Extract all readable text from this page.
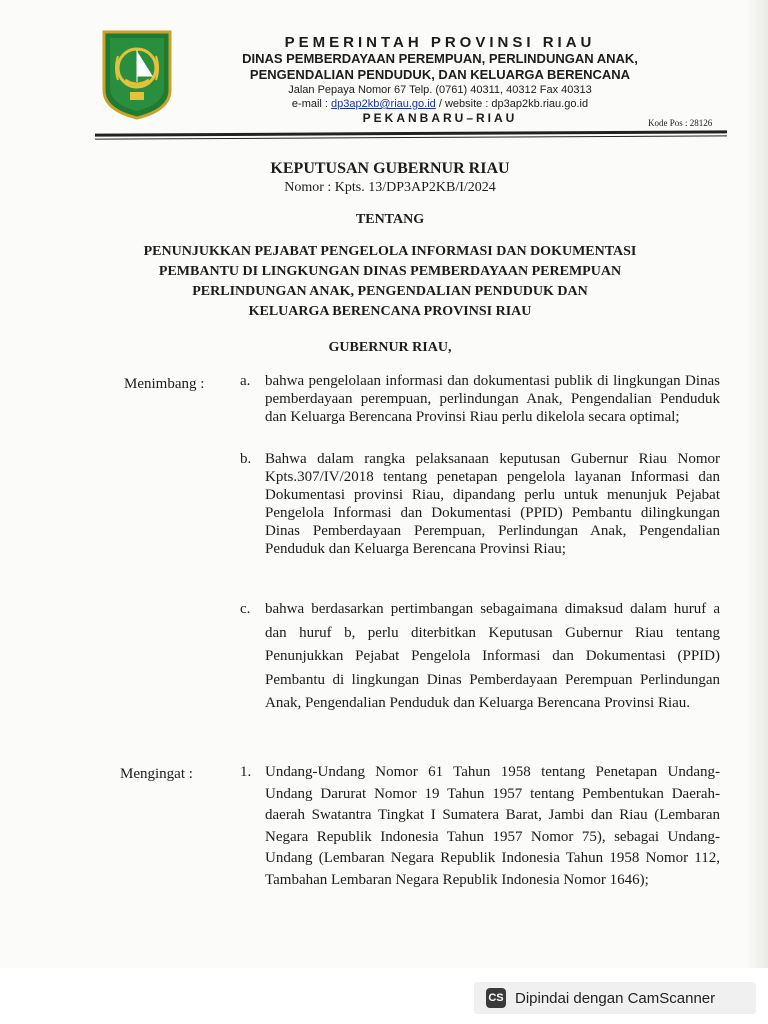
PEMERINTAH PROVINSI RIAU
DINAS PEMBERDAYAAN PEREMPUAN, PERLINDUNGAN ANAK,
PENGENDALIAN PENDUDUK, DAN KELUARGA BERENCANA
Jalan Pepaya Nomor 67 Telp. (0761) 40311, 40312 Fax 40313
e-mail : dp3ap2kb@riau.go.id / website : dp3ap2kb.riau.go.id
PEKANBARU–RIAU	Kode Pos : 28126
KEPUTUSAN GUBERNUR RIAU
Nomor : Kpts. 13/DP3AP2KB/I/2024
TENTANG
PENUNJUKKAN PEJABAT PENGELOLA INFORMASI DAN DOKUMENTASI
PEMBANTU DI LINGKUNGAN DINAS PEMBERDAYAAN PEREMPUAN
PERLINDUNGAN ANAK, PENGENDALIAN PENDUDUK DAN
KELUARGA BERENCANA PROVINSI RIAU
GUBERNUR RIAU,
Menimbang : a. bahwa pengelolaan informasi dan dokumentasi publik di lingkungan Dinas pemberdayaan perempuan, perlindungan Anak, Pengendalian Penduduk dan Keluarga Berencana Provinsi Riau perlu dikelola secara optimal;
b. Bahwa dalam rangka pelaksanaan keputusan Gubernur Riau Nomor Kpts.307/IV/2018 tentang penetapan pengelola layanan Informasi dan Dokumentasi provinsi Riau, dipandang perlu untuk menunjuk Pejabat Pengelola Informasi dan Dokumentasi (PPID) Pembantu dilingkungan Dinas Pemberdayaan Perempuan, Perlindungan Anak, Pengendalian Penduduk dan Keluarga Berencana Provinsi Riau;
c. bahwa berdasarkan pertimbangan sebagaimana dimaksud dalam huruf a dan huruf b, perlu diterbitkan Keputusan Gubernur Riau tentang Penunjukkan Pejabat Pengelola Informasi dan Dokumentasi (PPID) Pembantu di lingkungan Dinas Pemberdayaan Perempuan Perlindungan Anak, Pengendalian Penduduk dan Keluarga Berencana Provinsi Riau.
Mengingat :	1. Undang-Undang Nomor 61 Tahun 1958 tentang Penetapan Undang-Undang Darurat Nomor 19 Tahun 1957 tentang Pembentukan Daerah-daerah Swatantra Tingkat I Sumatera Barat, Jambi dan Riau (Lembaran Negara Republik Indonesia Tahun 1957 Nomor 75), sebagai Undang-Undang (Lembaran Negara Republik Indonesia Tahun 1958 Nomor 112, Tambahan Lembaran Negara Republik Indonesia Nomor 1646);
CS Dipindai dengan CamScanner
